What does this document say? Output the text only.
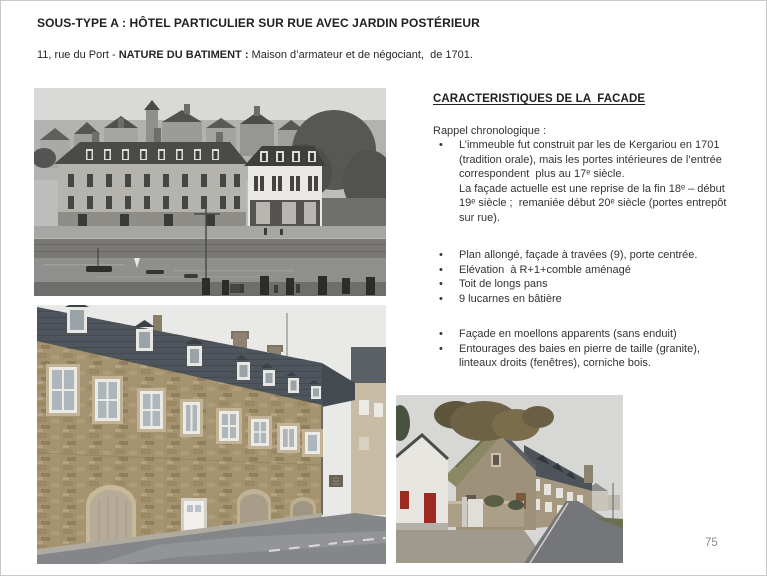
SOUS-TYPE A : HÔTEL PARTICULIER SUR RUE AVEC JARDIN POSTÉRIEUR
11, rue du Port - NATURE DU BATIMENT : Maison d’armateur et de négociant,  de 1701.
CARACTERISTIQUES DE LA  FACADE

Rappel chronologique :

• L’immeuble fut construit par les de Kergariou en 1701 (tradition orale), mais les portes intérieures de l’entrée correspondent  plus au 17ᵉ siècle.
La façade actuelle est une reprise de la fin 18ᵉ – début 19ᵉ siècle ;  remaniée début 20ᵉ siècle (portes entrepôt sur rue).
• Plan allongé, façade à travées (9), porte centrée.
• Elévation  à R+1+comble aménagé
• Toit de longs pans
• 9 lucarnes en bâtière
• Façade en moellons apparents (sans enduit)
• Entourages des baies en pierre de taille (granite), linteaux droits (fenêtres), corniche bois.
75
